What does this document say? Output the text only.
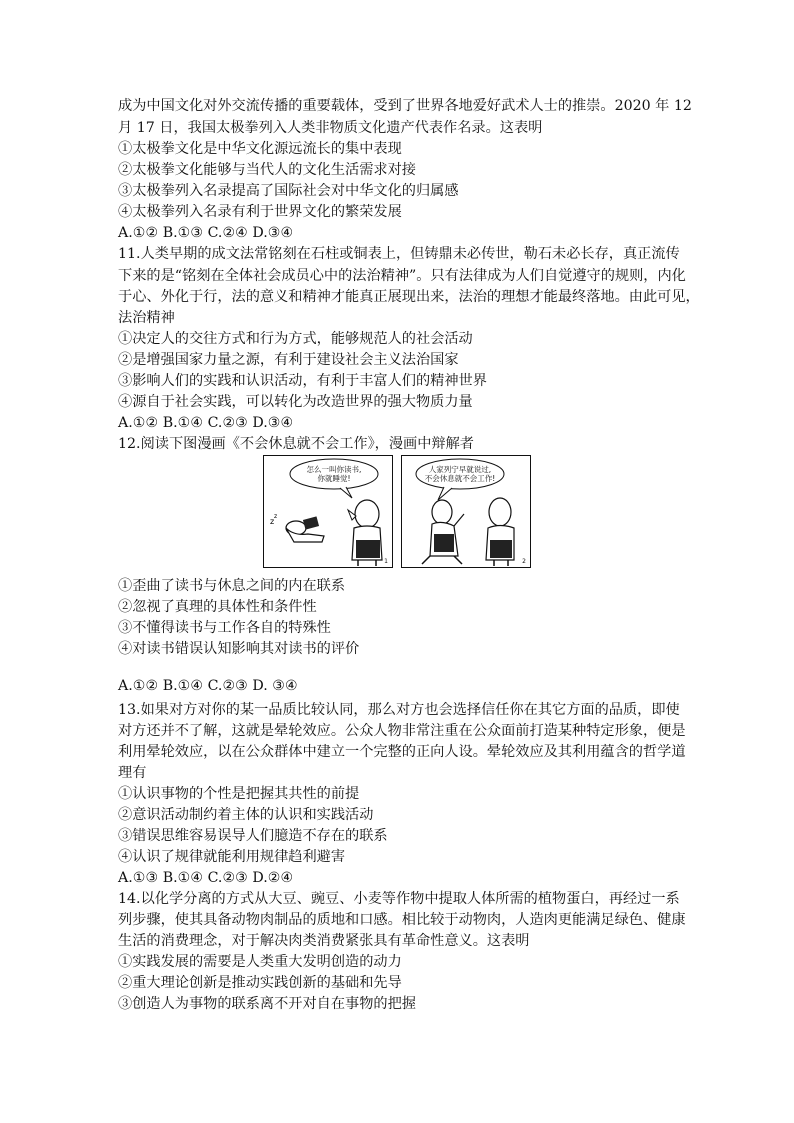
成为中国文化对外交流传播的重要载体，受到了世界各地爱好武术人士的推崇。2020 年 12
月 17 日，我国太极拳列入人类非物质文化遗产代表作名录。这表明
①太极拳文化是中华文化源远流长的集中表现
②太极拳文化能够与当代人的文化生活需求对接
③太极拳列入名录提高了国际社会对中华文化的归属感
④太极拳列入名录有利于世界文化的繁荣发展
A.①② B.①③ C.②④ D.③④
11.人类早期的成文法常铭刻在石柱或铜表上，但铸鼎未必传世，勒石未必长存，真正流传
下来的是“铭刻在全体社会成员心中的法治精神”。只有法律成为人们自觉遵守的规则，内化
于心、外化于行，法的意义和精神才能真正展现出来，法治的理想才能最终落地。由此可见，
法治精神
①决定人的交往方式和行为方式，能够规范人的社会活动
②是增强国家力量之源，有利于建设社会主义法治国家
③影响人们的实践和认识活动，有利于丰富人们的精神世界
④源自于社会实践，可以转化为改造世界的强大物质力量
A.①② B.①④ C.②③ D.③④
12.阅读下图漫画《不会休息就不会工作》，漫画中辩解者
z
z
怎么一叫你读书,
你就睡觉!
1
人家列宁早就说过,
不会休息就不会工作!
2
①歪曲了读书与休息之间的内在联系
②忽视了真理的具体性和条件性
③不懂得读书与工作各自的特殊性
④对读书错误认知影响其对读书的评价
A.①② B.①④ C.②③ D. ③④
13.如果对方对你的某一品质比较认同，那么对方也会选择信任你在其它方面的品质，即使
对方还并不了解，这就是晕轮效应。公众人物非常注重在公众面前打造某种特定形象，便是
利用晕轮效应，以在公众群体中建立一个完整的正向人设。晕轮效应及其利用蕴含的哲学道
理有
①认识事物的个性是把握其共性的前提
②意识活动制约着主体的认识和实践活动
③错误思维容易误导人们臆造不存在的联系
④认识了规律就能利用规律趋利避害
A.①③ B.①④ C.②③ D.②④
14.以化学分离的方式从大豆、豌豆、小麦等作物中提取人体所需的植物蛋白，再经过一系
列步骤，使其具备动物肉制品的质地和口感。相比较于动物肉，人造肉更能满足绿色、健康
生活的消费理念，对于解决肉类消费紧张具有革命性意义。这表明
①实践发展的需要是人类重大发明创造的动力
②重大理论创新是推动实践创新的基础和先导
③创造人为事物的联系离不开对自在事物的把握
